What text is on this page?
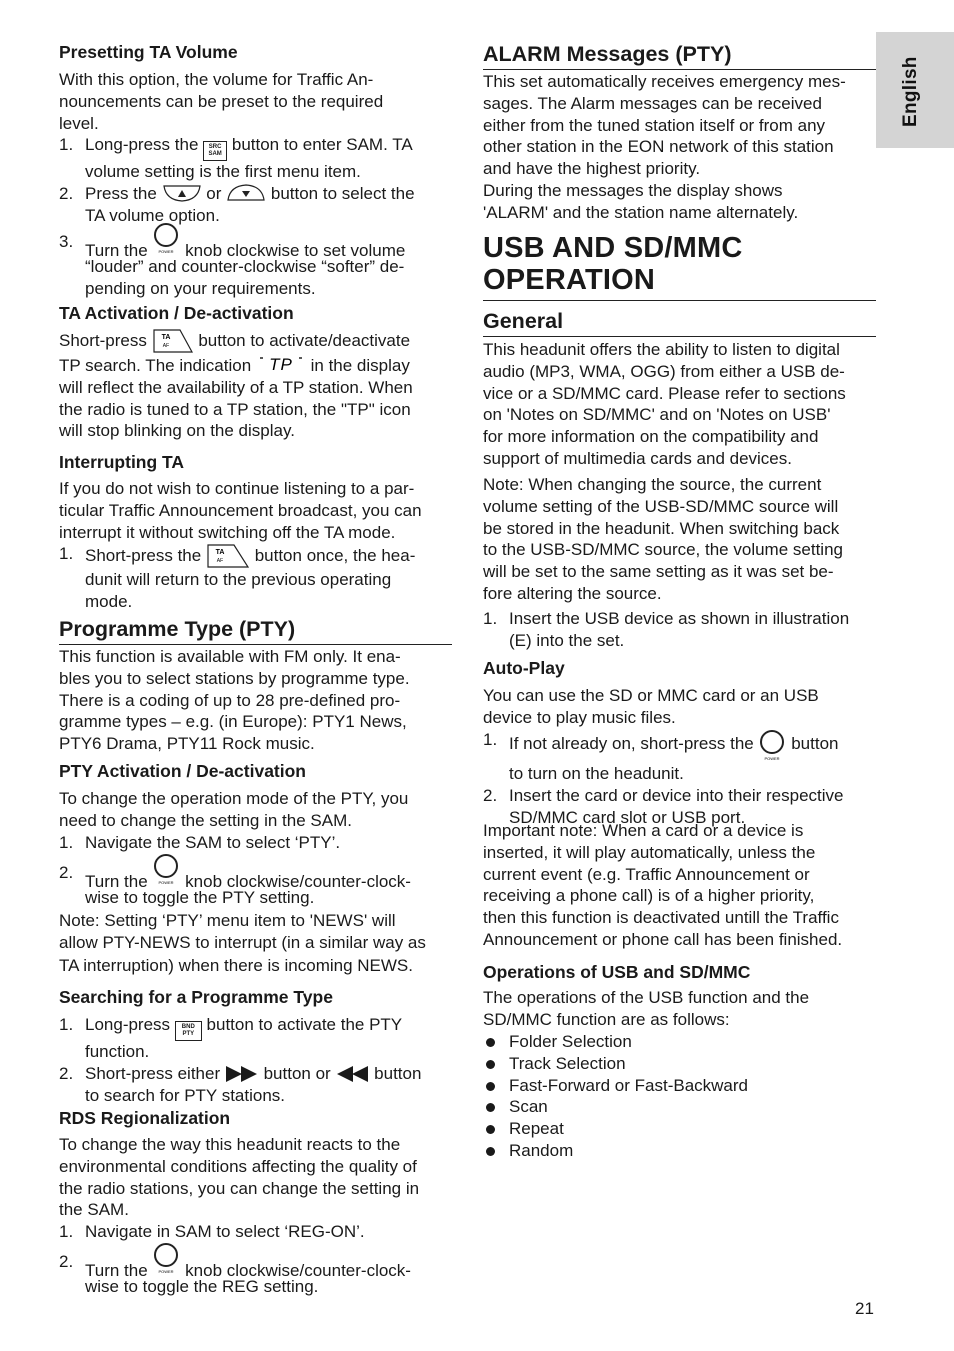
English
Presetting TA Volume

With this option, the volume for Traffic An-
nouncements can be preset to the required
level.

1. Long-press the SRC
SAM button to enter SAM. TA
volume setting is the first menu item.
2. Press the	or	button to select the
TA volume option.
3. Turn the	POWER knob clockwise to set volume
“louder” and counter-clockwise “softer” de-
pending on your requirements.
TA Activation / De-activation

Short-press TA
AF button to activate/deactivate

TP search. The indication TP in the display

will reflect the availability of a TP station. When
the radio is tuned to a TP station, the "TP" icon
will stop blinking on the display.

Interrupting TA

If you do not wish to continue listening to a par-
ticular Traffic Announcement broadcast, you can
interrupt it without switching off the TA mode.

1. Short-press the TA
AF button once, the hea-
dunit will return to the previous operating
mode.
Programme Type (PTY)

This function is available with FM only. It ena-
bles you to select stations by programme type.
There is a coding of up to 28 pre-defined pro-
gramme types – e.g. (in Europe): PTY1 News,
PTY6 Drama, PTY11 Rock music.

PTY Activation / De-activation

To change the operation mode of the PTY, you
need to change the setting in the SAM.

1. Navigate the SAM to select ‘PTY’.
2. Turn the	POWER knob clockwise/counter-clock-
wise to toggle the PTY setting.

Note: Setting ‘PTY’ menu item to 'NEWS' will
allow PTY-NEWS to interrupt (in a similar way as
TA interruption) when there is incoming NEWS.

Searching for a Programme Type
1. Long-press BND
PTY button to activate the PTY
function.
2. Short-press either	button or	button
to search for PTY stations.
RDS Regionalization

To change the way this headunit reacts to the
environmental conditions affecting the quality of
the radio stations, you can change the setting in
the SAM.

1. Navigate in SAM to select ‘REG-ON’.
2. Turn the	POWER knob clockwise/counter-clock-
wise to toggle the REG setting.
ALARM Messages (PTY)

This set automatically receives emergency mes-
sages. The Alarm messages can be received
either from the tuned station itself or from any
other station in the EON network of this station
and have the highest priority.
During the messages the display shows
'ALARM' and the station name alternately.

USB AND SD/MMC
OPERATION
General

This headunit offers the ability to listen to digital
audio (MP3, WMA, OGG) from either a USB de-
vice or a SD/MMC card. Please refer to sections
on 'Notes on SD/MMC' and on 'Notes on USB'
for more information on the compatibility and
support of multimedia cards and devices.

Note: When changing the source, the current
volume setting of the USB-SD/MMC source will
be stored in the headunit. When switching back
to the USB-SD/MMC source, the volume setting
will be set to the same setting as it was set be-
fore altering the source.

1. Insert the USB device as shown in illustration
(E) into the set.
Auto-Play

You can use the SD or MMC card or an USB
device to play music files.

1. If not already on, short-press the
POWER
button
to turn on the headunit.
2. Insert the card or device into their respective
SD/MMC card slot or USB port.

Important note: When a card or a device is
inserted, it will play automatically, unless the
current event (e.g. Traffic Announcement or
receiving a phone call) is of a higher priority,
then this function is deactivated untill the Traffic
Announcement or phone call has been finished.

Operations of USB and SD/MMC

The operations of the USB function and the
SD/MMC function are as follows:

Folder Selection
Track Selection
Fast-Forward or Fast-Backward
Scan
Repeat
Random
21
